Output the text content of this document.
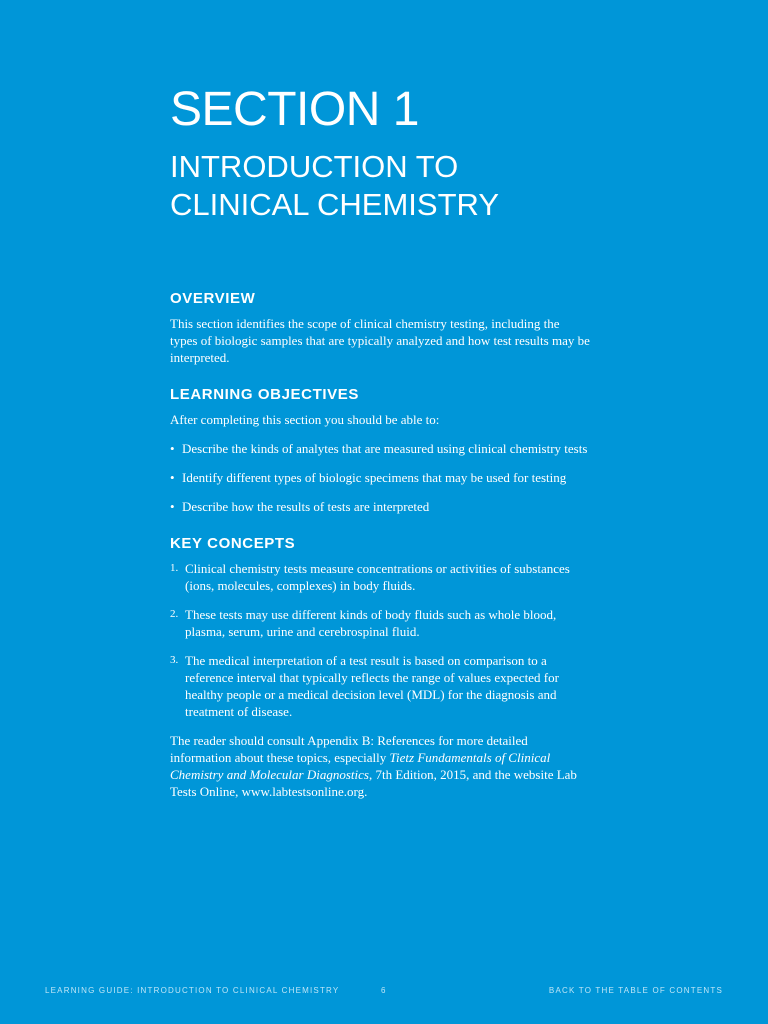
SECTION 1
INTRODUCTION TO CLINICAL CHEMISTRY
OVERVIEW

This section identifies the scope of clinical chemistry testing, including the types of biologic samples that are typically analyzed and how test results may be interpreted.

LEARNING OBJECTIVES

After completing this section you should be able to:

• Describe the kinds of analytes that are measured using clinical chemistry tests
• Identify different types of biologic specimens that may be used for testing
• Describe how the results of tests are interpreted
KEY CONCEPTS
1. Clinical chemistry tests measure concentrations or activities of substances (ions, molecules, complexes) in body fluids.
2. These tests may use different kinds of body fluids such as whole blood, plasma, serum, urine and cerebrospinal fluid.
3. The medical interpretation of a test result is based on comparison to a reference interval that typically reflects the range of values expected for healthy people or a medical decision level (MDL) for the diagnosis and treatment of disease.

The reader should consult Appendix B: References for more detailed information about these topics, especially Tietz Fundamentals of Clinical Chemistry and Molecular Diagnostics, 7th Edition, 2015, and the website Lab Tests Online, www.labtestsonline.org.

LEARNING GUIDE: INTRODUCTION TO CLINICAL CHEMISTRY	6	BACK TO THE TABLE OF CONTENTS
